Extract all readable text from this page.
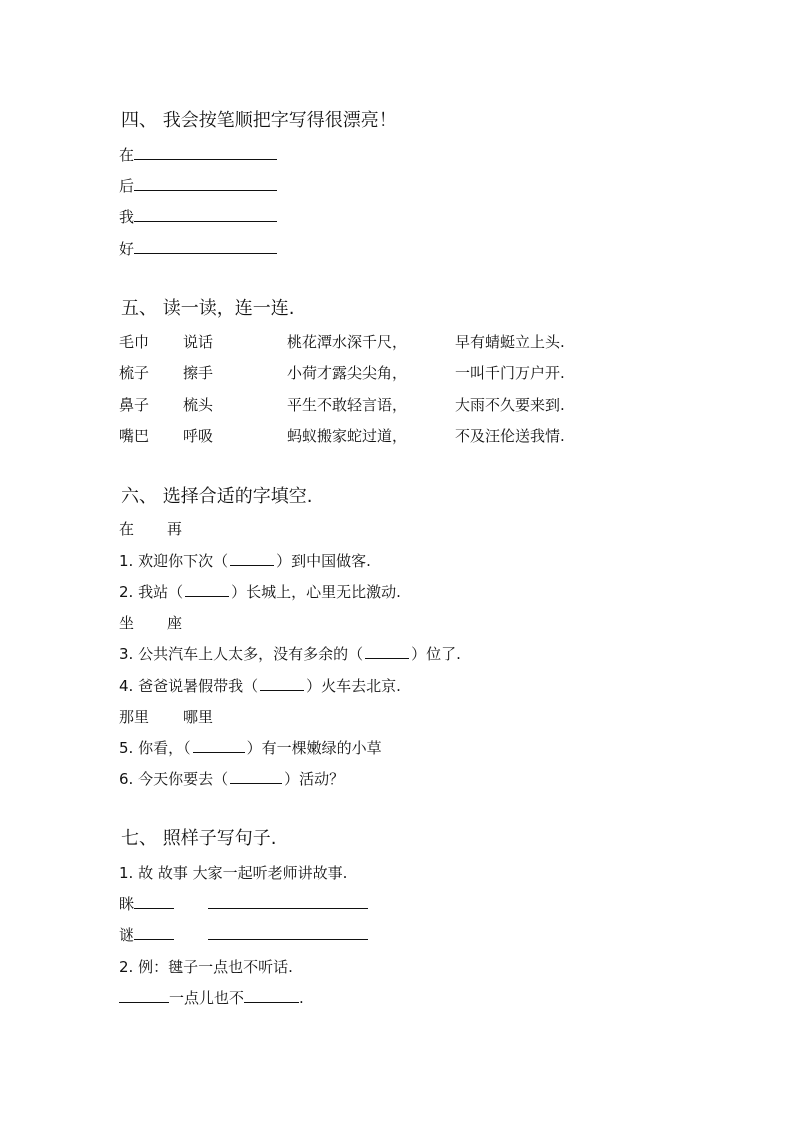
四、 我会按笔顺把字写得很漂亮！
在
后
我
好
五、 读一读，连一连.
毛巾 说话	桃花潭水深千尺，	早有蜻蜓立上头.
梳子 擦手	小荷才露尖尖角，	一叫千门万户开.
鼻子 梳头	平生不敢轻言语，	大雨不久要来到.
嘴巴 呼吸	蚂蚁搬家蛇过道，	不及汪伦送我情.
六、 选择合适的字填空.
在 再
1. 欢迎你下次（	）到中国做客.
2. 我站（	）长城上，心里无比激动.
坐 座
3. 公共汽车上人太多，没有多余的（	）位了.
4. 爸爸说暑假带我（	）火车去北京.
那里 哪里
5. 你看，（	）有一棵嫩绿的小草
6. 今天你要去（	）活动？
七、 照样子写句子.
1. 故 故事 大家一起听老师讲故事.
眯
谜
2. 例：毽子一点也不听话.
一点儿也不	.
